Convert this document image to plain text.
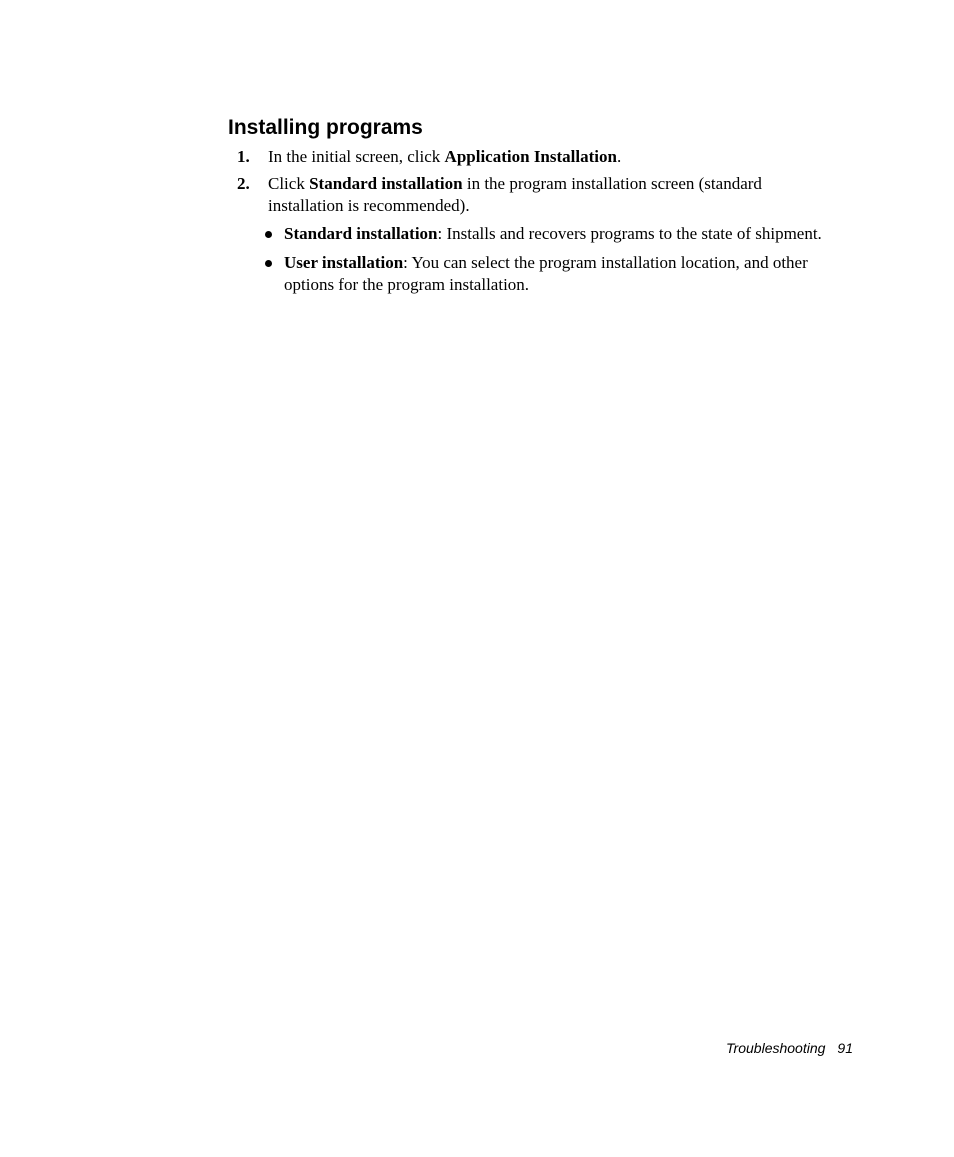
Installing programs
1. In the initial screen, click Application Installation.
2. Click Standard installation in the program installation screen (standard installation is recommended).
Standard installation: Installs and recovers programs to the state of shipment.
User installation: You can select the program installation location, and other options for the program installation.
Troubleshooting 91
